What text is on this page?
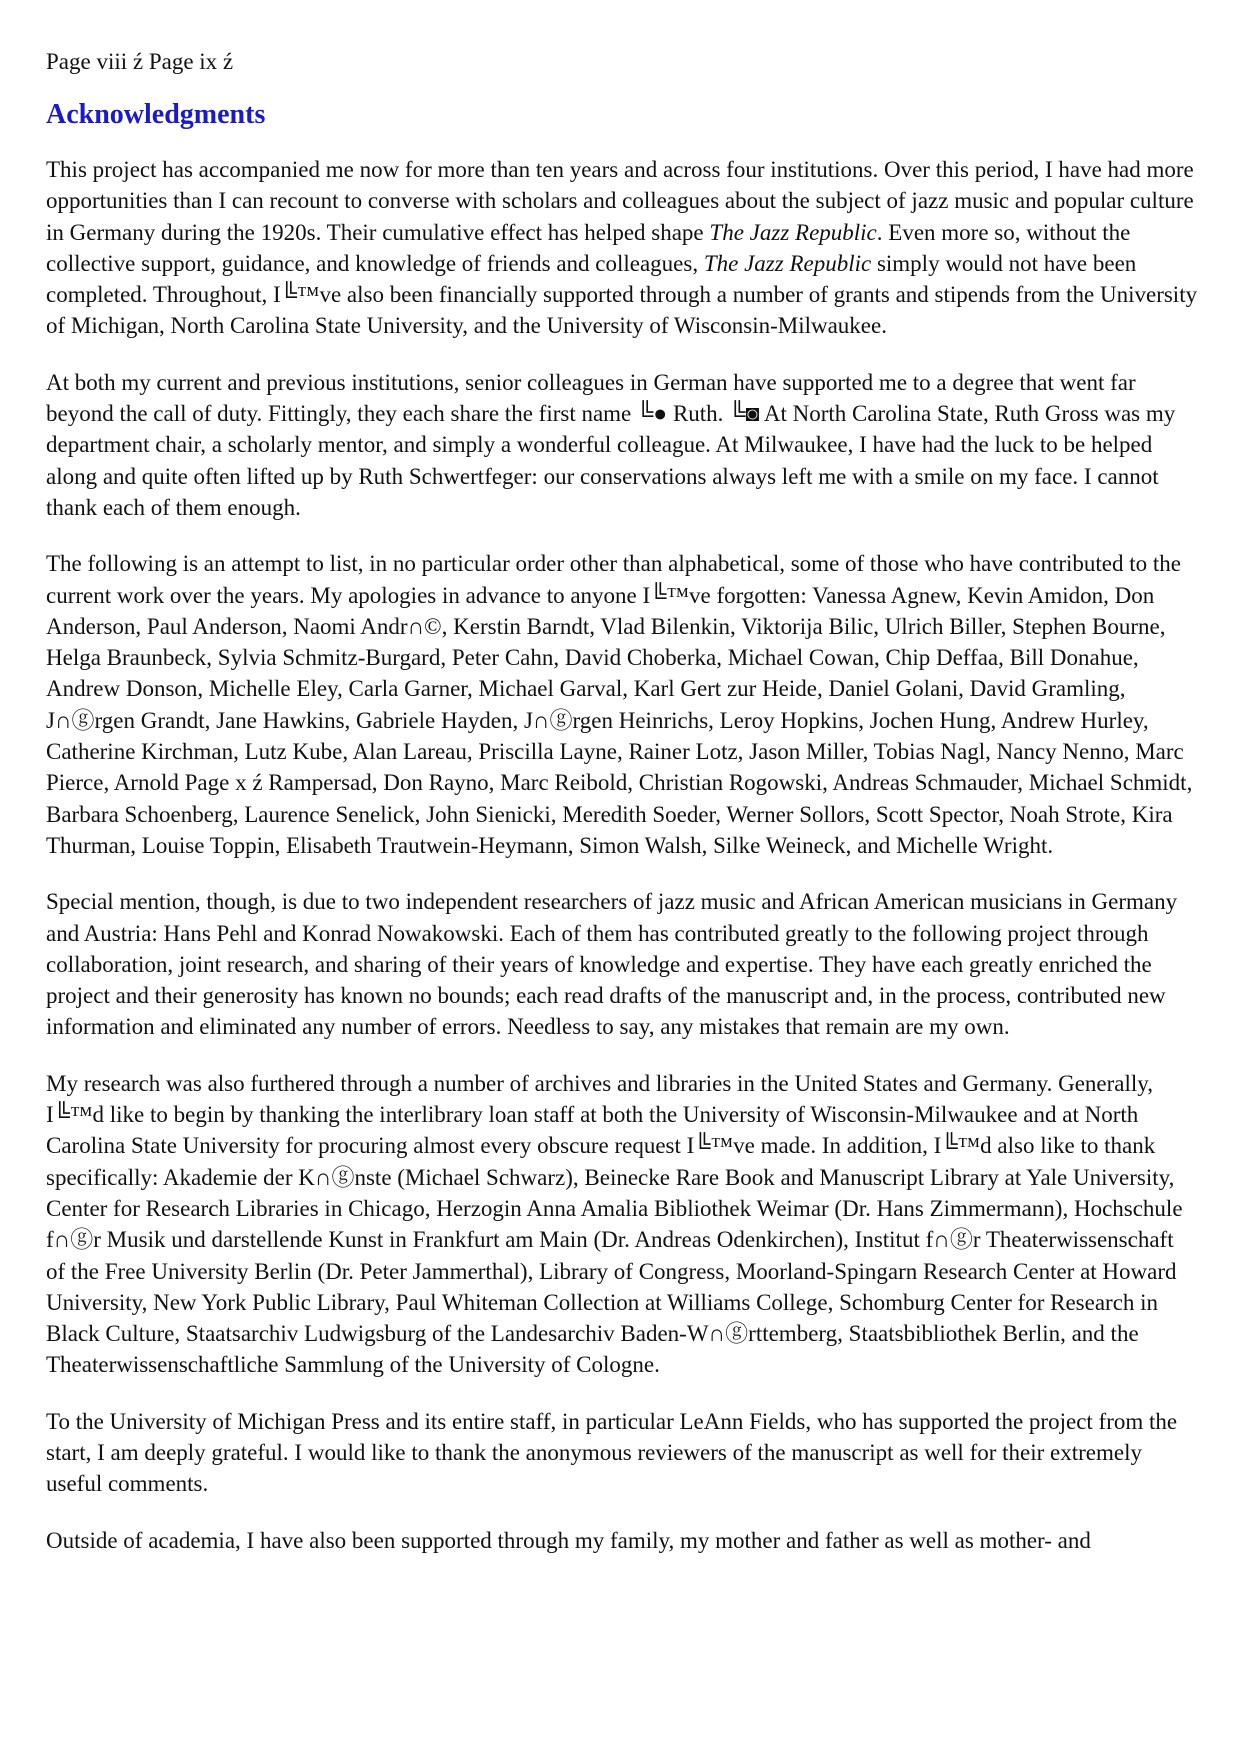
Page viii ź Page ix ź
Acknowledgments

This project has accompanied me now for more than ten years and across four institutions. Over this period, I have had more opportunities than I can recount to converse with scholars and colleagues about the subject of jazz music and popular culture in Germany during the 1920s. Their cumulative effect has helped shape The Jazz Republic. Even more so, without the collective support, guidance, and knowledge of friends and colleagues, The Jazz Republic simply would not have been completed. Throughout, I╚™ve also been financially supported through a number of grants and stipends from the University of Michigan, North Carolina State University, and the University of Wisconsin-Milwaukee.

At both my current and previous institutions, senior colleagues in German have supported me to a degree that went far beyond the call of duty. Fittingly, they each share the first name ╚● Ruth. ╚◙ At North Carolina State, Ruth Gross was my department chair, a scholarly mentor, and simply a wonderful colleague. At Milwaukee, I have had the luck to be helped along and quite often lifted up by Ruth Schwertfeger: our conservations always left me with a smile on my face. I cannot thank each of them enough.

The following is an attempt to list, in no particular order other than alphabetical, some of those who have contributed to the current work over the years. My apologies in advance to anyone I╚™ve forgotten: Vanessa Agnew, Kevin Amidon, Don Anderson, Paul Anderson, Naomi Andr∩©, Kerstin Barndt, Vlad Bilenkin, Viktorija Bilic, Ulrich Biller, Stephen Bourne, Helga Braunbeck, Sylvia Schmitz-Burgard, Peter Cahn, David Choberka, Michael Cowan, Chip Deffaa, Bill Donahue, Andrew Donson, Michelle Eley, Carla Garner, Michael Garval, Karl Gert zur Heide, Daniel Golani, David Gramling, J∩ⓖrgen Grandt, Jane Hawkins, Gabriele Hayden, J∩ⓖrgen Heinrichs, Leroy Hopkins, Jochen Hung, Andrew Hurley, Catherine Kirchman, Lutz Kube, Alan Lareau, Priscilla Layne, Rainer Lotz, Jason Miller, Tobias Nagl, Nancy Nenno, Marc Pierce, Arnold Page x ź Rampersad, Don Rayno, Marc Reibold, Christian Rogowski, Andreas Schmauder, Michael Schmidt, Barbara Schoenberg, Laurence Senelick, John Sienicki, Meredith Soeder, Werner Sollors, Scott Spector, Noah Strote, Kira Thurman, Louise Toppin, Elisabeth Trautwein-Heymann, Simon Walsh, Silke Weineck, and Michelle Wright.

Special mention, though, is due to two independent researchers of jazz music and African American musicians in Germany and Austria: Hans Pehl and Konrad Nowakowski. Each of them has contributed greatly to the following project through collaboration, joint research, and sharing of their years of knowledge and expertise. They have each greatly enriched the project and their generosity has known no bounds; each read drafts of the manuscript and, in the process, contributed new information and eliminated any number of errors. Needless to say, any mistakes that remain are my own.

My research was also furthered through a number of archives and libraries in the United States and Germany. Generally, I╚™d like to begin by thanking the interlibrary loan staff at both the University of Wisconsin-Milwaukee and at North Carolina State University for procuring almost every obscure request I╚™ve made. In addition, I╚™d also like to thank specifically: Akademie der K∩ⓖnste (Michael Schwarz), Beinecke Rare Book and Manuscript Library at Yale University, Center for Research Libraries in Chicago, Herzogin Anna Amalia Bibliothek Weimar (Dr. Hans Zimmermann), Hochschule f∩ⓖr Musik und darstellende Kunst in Frankfurt am Main (Dr. Andreas Odenkirchen), Institut f∩ⓖr Theaterwissenschaft of the Free University Berlin (Dr. Peter Jammerthal), Library of Congress, Moorland-Spingarn Research Center at Howard University, New York Public Library, Paul Whiteman Collection at Williams College, Schomburg Center for Research in Black Culture, Staatsarchiv Ludwigsburg of the Landesarchiv Baden-W∩ⓖrttemberg, Staatsbibliothek Berlin, and the Theaterwissenschaftliche Sammlung of the University of Cologne.

To the University of Michigan Press and its entire staff, in particular LeAnn Fields, who has supported the project from the start, I am deeply grateful. I would like to thank the anonymous reviewers of the manuscript as well for their extremely useful comments.

Outside of academia, I have also been supported through my family, my mother and father as well as mother- and
